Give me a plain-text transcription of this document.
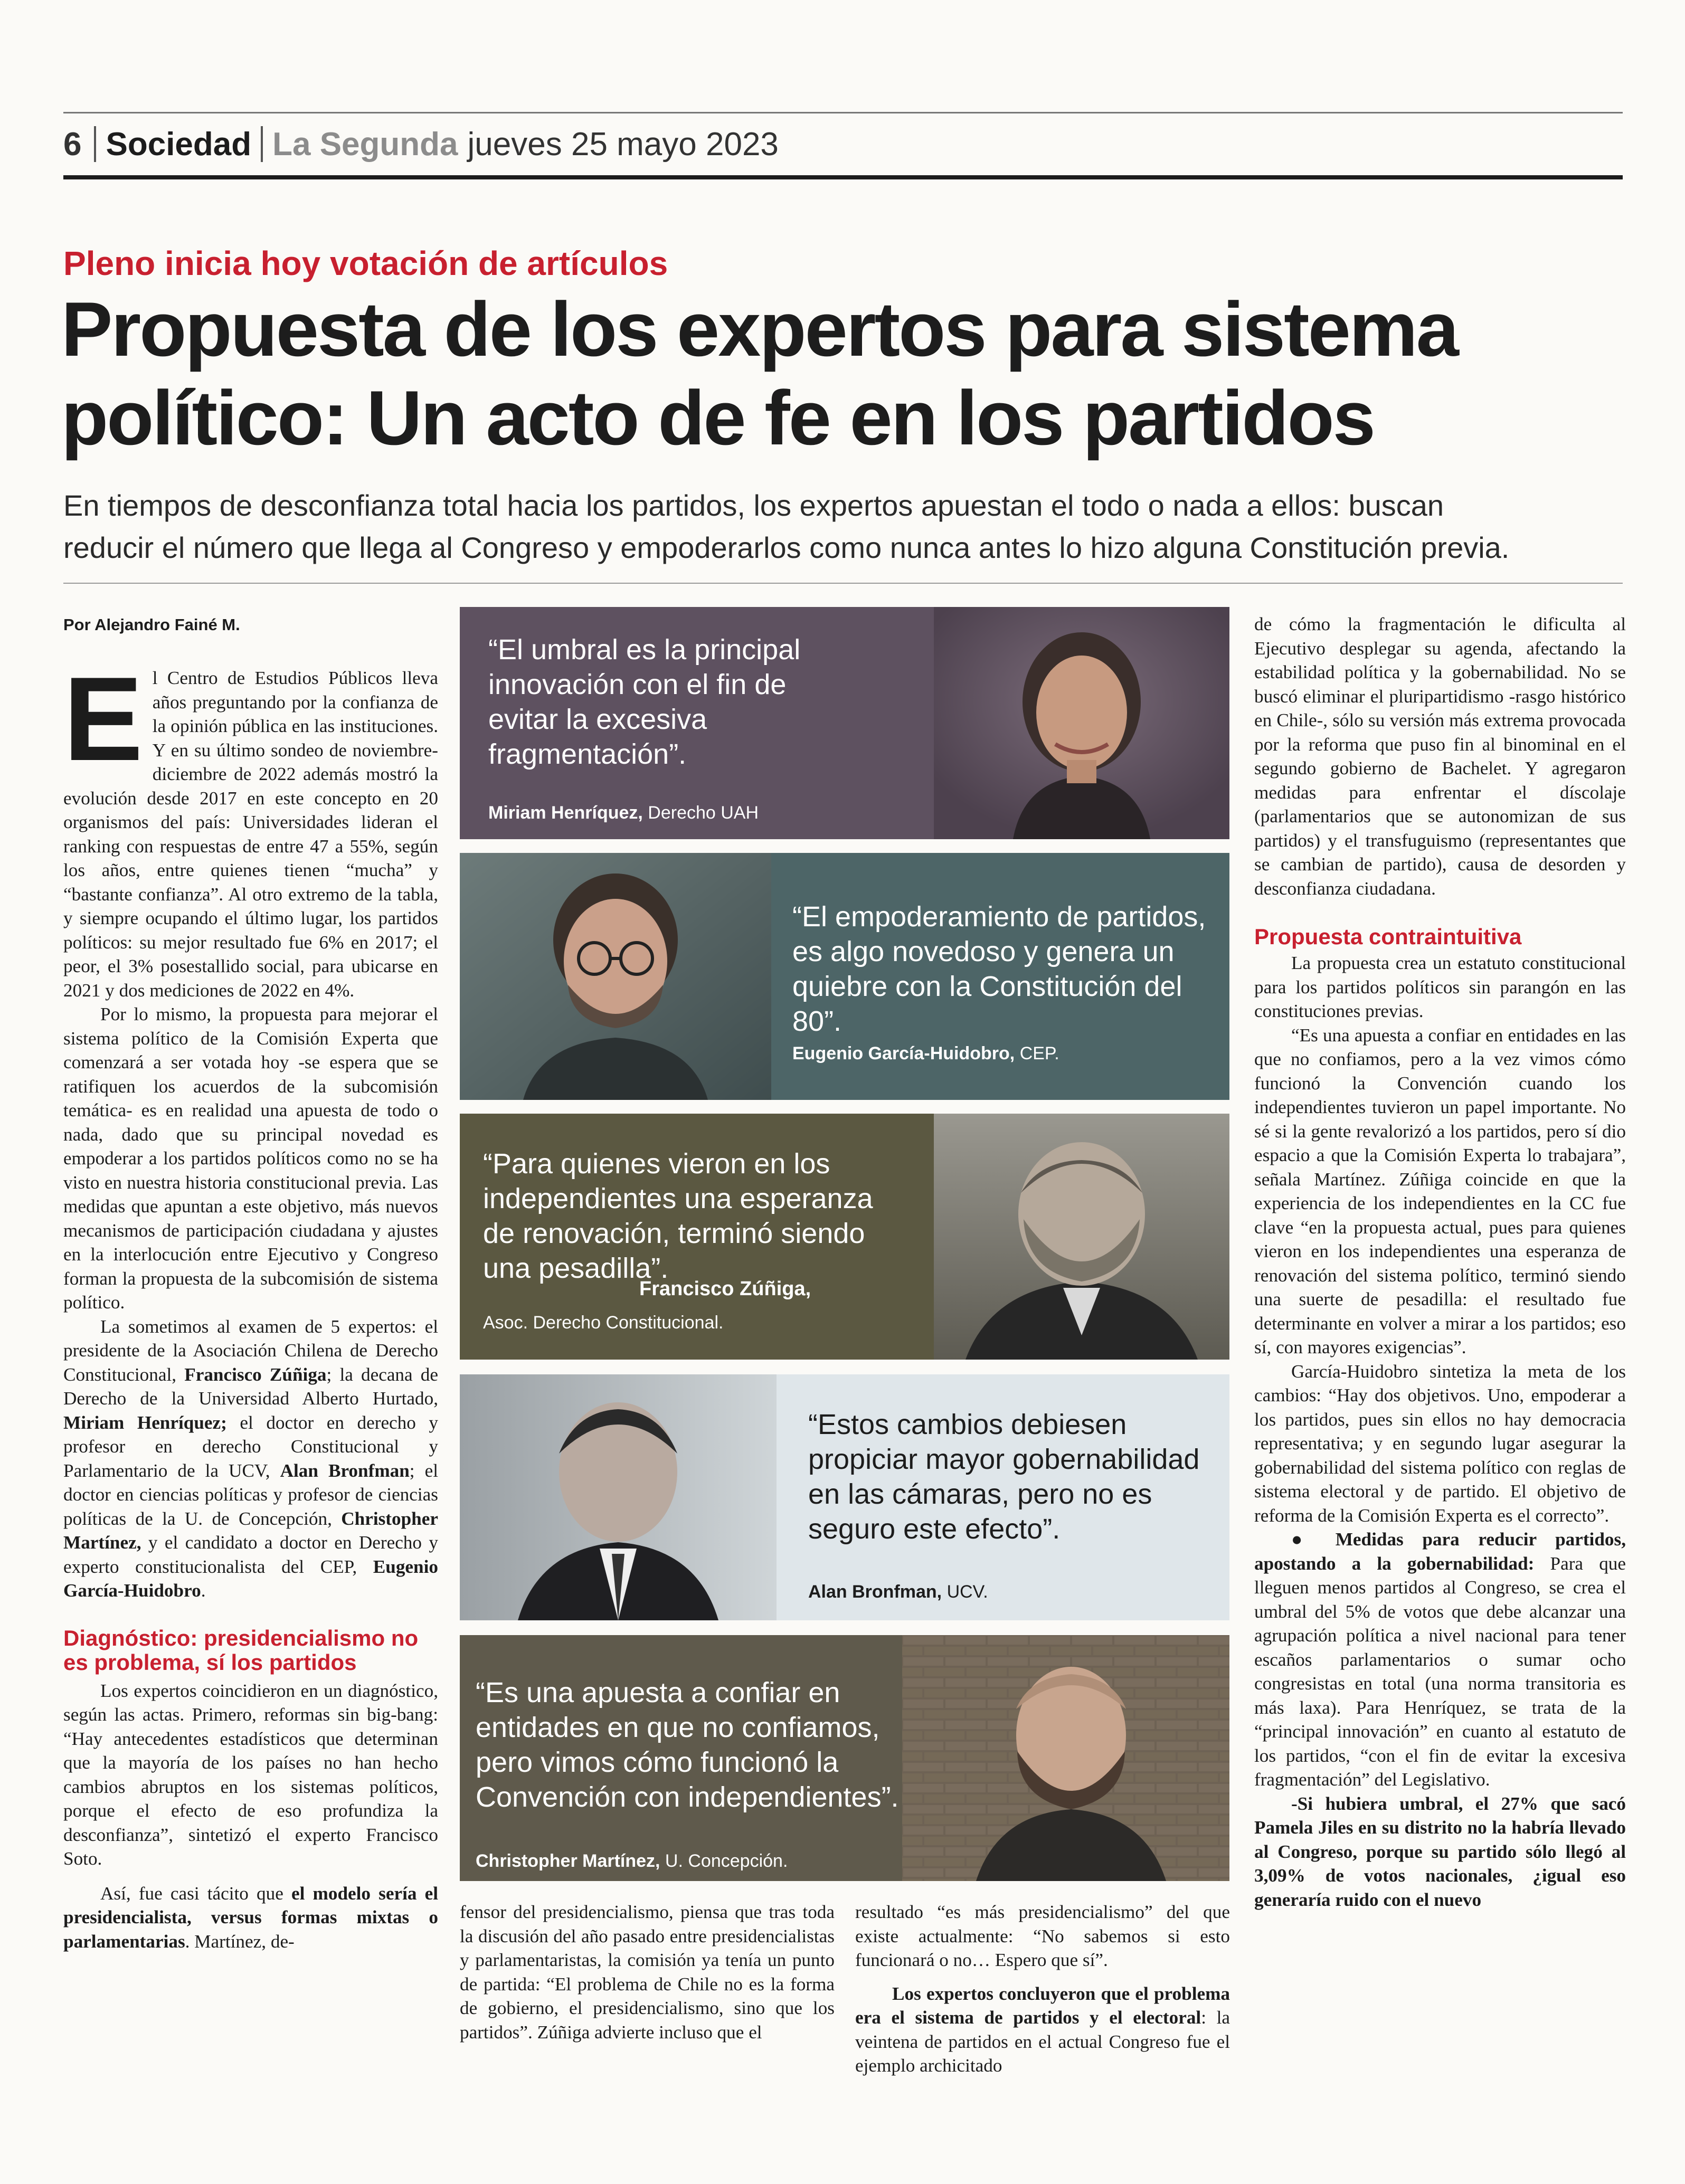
6 Sociedad La Segunda jueves 25 mayo 2023
Pleno inicia hoy votación de artículos
Propuesta de los expertos para sistema
político: Un acto de fe en los partidos
En tiempos de desconfianza total hacia los partidos, los expertos apuestan el todo o nada a ellos: buscan
reducir el número que llega al Congreso y empoderarlos como nunca antes lo hizo alguna Constitución previa.
Por Alejandro Fainé M.

El Centro de Estudios Públicos lleva años preguntando por la confianza de la opinión pública en las instituciones. Y en su último sondeo de noviembre-diciembre de 2022 además mostró la evolución desde 2017 en este concepto en 20 organismos del país: Universidades lideran el ranking con respuestas de entre 47 a 55%, según los años, entre quienes tienen “mucha” y “bastante confianza”. Al otro extremo de la tabla, y siempre ocupando el último lugar, los partidos políticos: su mejor resultado fue 6% en 2017; el peor, el 3% posestallido social, para ubicarse en 2021 y dos mediciones de 2022 en 4%.

Por lo mismo, la propuesta para mejorar el sistema político de la Comisión Experta que comenzará a ser votada hoy -se espera que se ratifiquen los acuerdos de la subcomisión temática- es en realidad una apuesta de todo o nada, dado que su principal novedad es empoderar a los partidos políticos como no se ha visto en nuestra historia constitucional previa. Las medidas que apuntan a este objetivo, más nuevos mecanismos de participación ciudadana y ajustes en la interlocución entre Ejecutivo y Congreso forman la propuesta de la subcomisión de sistema político.

La sometimos al examen de 5 expertos: el presidente de la Asociación Chilena de Derecho Constitucional, Francisco Zúñiga; la decana de Derecho de la Universidad Alberto Hurtado, Miriam Henríquez; el doctor en derecho y profesor en derecho Constitucional y Parlamentario de la UCV, Alan Bronfman; el doctor en ciencias políticas y profesor de ciencias políticas de la U. de Concepción, Christopher Martínez, y el candidato a doctor en Derecho y experto constitucionalista del CEP, Eugenio García-Huidobro.

Diagnóstico: presidencialismo no es problema, sí los partidos

Los expertos coincidieron en un diagnóstico, según las actas. Primero, reformas sin big-bang: “Hay antecedentes estadísticos que determinan que la mayoría de los países no han hecho cambios abruptos en los sistemas políticos, porque el efecto de eso profundiza la desconfianza”, sintetizó el experto Francisco Soto.

Así, fue casi tácito que el modelo sería el presidencialista, versus formas mixtas o parlamentarias. Martínez, de-

“El umbral es la principal innovación con el fin de evitar la excesiva fragmentación”.

Miriam Henríquez, Derecho UAH

“El empoderamiento de partidos, es algo novedoso y genera un quiebre con la Constitución del 80”.

Eugenio García-Huidobro, CEP.

“Para quienes vieron en los independientes una esperanza de renovación, terminó siendo una pesadilla”.

Francisco Zúñiga,
Asoc. Derecho Constitucional.

“Estos cambios debiesen propiciar mayor gobernabilidad en las cámaras, pero no es seguro este efecto”.

Alan Bronfman, UCV.

“Es una apuesta a confiar en entidades en que no confiamos, pero vimos cómo funcionó la Convención con independientes”.

Christopher Martínez, U. Concepción.

fensor del presidencialismo, piensa que tras toda la discusión del año pasado entre presidencialistas y parlamentaristas, la comisión ya tenía un punto de partida: “El problema de Chile no es la forma de gobierno, el presidencialismo, sino que los partidos”. Zúñiga advierte incluso que el

resultado “es más presidencialismo” del que existe actualmente: “No sabemos si esto funcionará o no… Espero que sí”.

Los expertos concluyeron que el problema era el sistema de partidos y el electoral: la veintena de partidos en el actual Congreso fue el ejemplo archicitado

de cómo la fragmentación le dificulta al Ejecutivo desplegar su agenda, afectando la estabilidad política y la gobernabilidad. No se buscó eliminar el pluripartidismo -rasgo histórico en Chile-, sólo su versión más extrema provocada por la reforma que puso fin al binominal en el segundo gobierno de Bachelet. Y agregaron medidas para enfrentar el díscolaje (parlamentarios que se autonomizan de sus partidos) y el transfuguismo (representantes que se cambian de partido), causa de desorden y desconfianza ciudadana.

Propuesta contraintuitiva

La propuesta crea un estatuto constitucional para los partidos políticos sin parangón en las constituciones previas.

“Es una apuesta a confiar en entidades en las que no confiamos, pero a la vez vimos cómo funcionó la Convención cuando los independientes tuvieron un papel importante. No sé si la gente revalorizó a los partidos, pero sí dio espacio a que la Comisión Experta lo trabajara”, señala Martínez. Zúñiga coincide en que la experiencia de los independientes en la CC fue clave “en la propuesta actual, pues para quienes vieron en los independientes una esperanza de renovación del sistema político, terminó siendo una suerte de pesadilla: el resultado fue determinante en volver a mirar a los partidos; eso sí, con mayores exigencias”.

García-Huidobro sintetiza la meta de los cambios: “Hay dos objetivos. Uno, empoderar a los partidos, pues sin ellos no hay democracia representativa; y en segundo lugar asegurar la gobernabilidad del sistema político con reglas de sistema electoral y de partido. El objetivo de reforma de la Comisión Experta es el correcto”.

● Medidas para reducir partidos, apostando a la gobernabilidad: Para que lleguen menos partidos al Congreso, se crea el umbral del 5% de votos que debe alcanzar una agrupación política a nivel nacional para tener escaños parlamentarios o sumar ocho congresistas en total (una norma transitoria es más laxa). Para Henríquez, se trata de la “principal innovación” en cuanto al estatuto de los partidos, “con el fin de evitar la excesiva fragmentación” del Legislativo.

-Si hubiera umbral, el 27% que sacó Pamela Jiles en su distrito no la habría llevado al Congreso, porque su partido sólo llegó al 3,09% de votos nacionales, ¿igual eso generaría ruido con el nuevo
